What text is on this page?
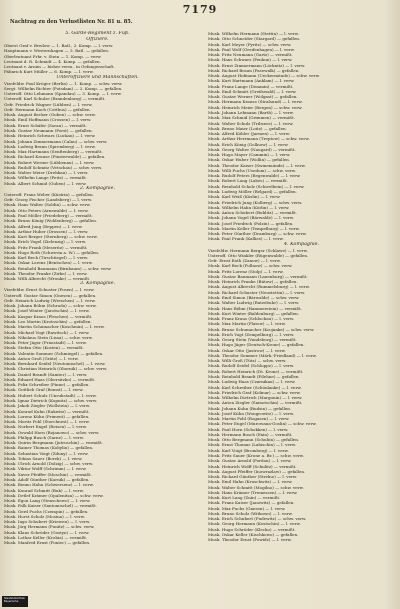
7179
Nachtrag zu den Verlustlisten Nr. 81 u. 85.
5. Garde-Regiment z. Fuß.
Offiziere.
Oberst Graf v. Bredow — 1. Batl., 2. Komp. — l. verw.
Hauptmann v. Westernhagen — 3. Batl. — gefallen.
Oberleutnant Frhr. v. Stein — 1. Komp. — verw.
Leutnant d. R. Schmidt — 4. Komp. — gefallen.
Leutnant v. Arnim — bisher verm., in Gefangenschaft.
Fähnrich Kurt Müller — 6. Komp. — l. verw.
Unteroffiziere und Mannschaften.
Vizefeldw. Paul Krüger (Berlin) — 1. Komp. — schw. verw.
Sergt. Wilhelm Richter (Potsdam) — 2. Komp. — gefallen.
Unteroff. Otto Lehmann (Spandau) — 3. Komp. — l. verw.
Unteroff. Karl Schulze (Brandenburg) — vermißt.
Gefr. Friedrich Wagner (Lübben) — l. verw.
Gefr. Hermann Koch (Cottbus) — gefallen.
Musk. August Becker (Guben) — schw. verw.
Musk. Emil Hoffmann (Crossen) — l. verw.
Musk. Ernst Schäfer (Sorau) — vermißt.
Musk. Gustav Neumann (Forst) — gefallen.
Musk. Heinrich Schwarz (Luckau) — l. verw.
Musk. Johann Zimmermann (Calau) — schw. verw.
Musk. Ludwig Braun (Spremberg) — l. verw.
Musk. Max Hartmann (Senftenberg) — vermißt.
Musk. Richard Krause (Finsterwalde) — gefallen.
Musk. Robert Werner (Lübbenau) — l. verw.
Musk. Rudolf Schmitz (Vetschau) — schw. verw.
Musk. Walter Meier (Drebkau) — l. verw.
Musk. Wilhelm Lange (Peitz) — vermißt.
Musk. Albert Schmid (Guben) — l. verw.
2. Kompagnie.
Unteroff. Franz Weber (Küstrin) — gefallen.
Gefr. Georg Fischer (Landsberg) — l. verw.
Musk. Hans Walter (Soldin) — schw. verw.
Musk. Otto Peters (Arnswalde) — l. verw.
Musk. Paul Möller (Friedeberg) — vermißt.
Musk. Bruno König (Woldenberg) — gefallen.
Musk. Alfred Jung (Reppen) — l. verw.
Musk. Arthur Huber (Drossen) — l. verw.
Musk. Kurt Berger (Sternberg) — schw. verw.
Musk. Erich Vogel (Zielenzig) — l. verw.
Musk. Fritz Frank (Meseritz) — vermißt.
Musk. Hugo Roth (Schwerin a. W.) — gefallen.
Musk. Karl Beck (Tirschtiegel) — l. verw.
Musk. Oskar Lorenz (Bentschen) — l. verw.
Musk. Reinhold Baumann (Birnbaum) — schw. verw.
Musk. Theodor Franke (Zirke) — l. verw.
Musk. Willi Albrecht (Wronke) — vermißt.
3. Kompagnie.
Vizefeldw. Ernst Schuster (Posen) — l. verw.
Unteroff. Gustav Simon (Gnesen) — gefallen.
Gefr. Heinrich Ludwig (Wreschen) — l. verw.
Musk. Johann Böhm (Schroda) — schw. verw.
Musk. Josef Winter (Jarotschin) — l. verw.
Musk. Kaspar Kraus (Pleschen) — vermißt.
Musk. Leo Martin (Krotoschin) — gefallen.
Musk. Martin Schumacher (Koschmin) — l. verw.
Musk. Michael Vogt (Rawitsch) — l. verw.
Musk. Nikolaus Stein (Lissa) — schw. verw.
Musk. Peter Jäger (Fraustadt) — l. verw.
Musk. Stefan Otto (Kosten) — vermißt.
Musk. Valentin Sommer (Schmiegel) — gefallen.
Musk. Anton Groß (Grätz) — l. verw.
Musk. Bernhard Seidel (Neutomischel) — l. verw.
Musk. Christian Heinrich (Obornik) — schw. verw.
Musk. Daniel Brandt (Samter) — l. verw.
Musk. Eduard Haas (Obersitzko) — vermißt.
Musk. Felix Schreiber (Pinne) — gefallen.
Musk. Gottlieb Graf (Bomst) — l. verw.
Musk. Hubert Schulz (Unruhstadt) — l. verw.
Musk. Ignaz Dietrich (Kopnitz) — schw. verw.
Musk. Jakob Ziegler (Wollstein) — l. verw.
Musk. Konrad Kuhn (Rakwitz) — vermißt.
Musk. Lorenz Kühn (Priment) — gefallen.
Musk. Moritz Pohl (Storchnest) — l. verw.
Musk. Norbert Engel (Reisen) — l. verw.
Musk. Oswald Horn (Bojanowo) — schw. verw.
Musk. Philipp Busch (Sarne) — l. verw.
Musk. Quirin Bergmann (Jutroschin) — vermißt.
Musk. Rainer Thomas (Kobylin) — gefallen.
Musk. Sebastian Voigt (Zduny) — l. verw.
Musk. Tobias Sauer (Borek) — l. verw.
Musk. Ulrich Arnold (Dolzig) — schw. verw.
Musk. Viktor Wolff (Schrimm) — l. verw.
Musk. Xaver Pfeiffer (Moschin) — vermißt.
Musk. Adolf Günther (Kurnik) — gefallen.
Musk. Benno Hahn (Schwersenz) — l. verw.
Musk. Konrad Schmitt (Buk) — l. verw.
Musk. Detlef Krämer (Opalenitza) — schw. verw.
Musk. Egon Lang (Stenschewo) — l. verw.
Musk. Falk Kaiser (Santomischel) — vermißt.
Musk. Gerd Fuchs (Czempin) — gefallen.
Musk. Horst Scholz (Mosina) — l. verw.
Musk. Ingo Schubert (Kriewen) — l. verw.
Musk. Jörg Hermann (Punitz) — schw. verw.
Musk. Klaus Schröder (Gostyn) — l. verw.
Musk. Lothar Keller (Krobia) — vermißt.
Musk. Manfred Ernst (Poniec) — gefallen.
Musk. Wilhelm Hermann (Stettin) — l. verw.
Musk. Otto Schneider (Stargard) — gefallen.
Musk. Karl Meyer (Pyritz) — schw. verw.
Musk. Paul Wolf (Greifenhagen) — l. verw.
Musk. Fritz Neumann (Gartz) — vermißt.
Musk. Hans Schwarz (Penkun) — l. verw.
Musk. Ernst Zimmermann (Löcknitz) — l. verw.
Musk. Richard Braun (Pasewalk) — gefallen.
Musk. August Hofmann (Ueckermünde) — schw. verw.
Musk. Kurt Hartmann (Anklam) — l. verw.
Musk. Franz Lange (Demmin) — vermißt.
Musk. Emil Schmitt (Greifswald) — l. verw.
Musk. Gustav Werner (Wolgast) — gefallen.
Musk. Hermann Krause (Stralsund) — l. verw.
Musk. Heinrich Meier (Bergen) — schw. verw.
Musk. Johann Lehmann (Barth) — l. verw.
Musk. Max Schmid (Grimmen) — vermißt.
Musk. Walter Schulz (Tribsees) — l. verw.
Musk. Bruno Maier (Loitz) — gefallen.
Musk. Alfred Köhler (Jarmen) — l. verw.
Musk. Arthur Herrmann (Treptow) — schw. verw.
Musk. Erich König (Gollnow) — l. verw.
Musk. Georg Walter (Naugard) — vermißt.
Musk. Hugo Mayer (Cammin) — l. verw.
Musk. Oskar Huber (Wollin) — gefallen.
Musk. Theodor Kaiser (Swinemünde) — l. verw.
Musk. Willi Fuchs (Usedom) — schw. verw.
Musk. Rudolf Peters (Regenwalde) — l. verw.
Musk. Robert Lang (Labes) — vermißt.
Musk. Reinhold Scholz (Schivelbein) — l. verw.
Musk. Ludwig Möller (Belgard) — gefallen.
Musk. Karl Weiß (Köslin) — l. verw.
Musk. Friedrich Jung (Kolberg) — schw. verw.
Musk. Wilhelm Hahn (Körlin) — l. verw.
Musk. Anton Schubert (Bublitz) — vermißt.
Musk. Johann Vogel (Bärwalde) — l. verw.
Musk. Josef Friedrich (Polzin) — gefallen.
Musk. Martin Keller (Tempelburg) — l. verw.
Musk. Peter Günther (Dramburg) — schw. verw.
Musk. Paul Frank (Kallies) — l. verw.
4. Kompagnie.
Vizefeldw. Hermann Berger (Schlawe) — l. verw.
Unteroff. Otto Winkler (Rügenwalde) — gefallen.
Gefr. Ernst Roth (Zanow) — l. verw.
Musk. Karl Beck (Pollnow) — schw. verw.
Musk. Fritz Lorenz (Stolp) — l. verw.
Musk. Gustav Baumann (Lauenburg) — vermißt.
Musk. Heinrich Franke (Bütow) — gefallen.
Musk. August Albrecht (Rummelsburg) — l. verw.
Musk. Richard Schuster (Neustettin) — l. verw.
Musk. Emil Simon (Bärwalde) — schw. verw.
Musk. Walter Ludwig (Ratzebuhr) — l. verw.
Musk. Hans Böhm (Hammerstein) — vermißt.
Musk. Kurt Winter (Baldenburg) — gefallen.
Musk. Franz Kraus (Schlochau) — l. verw.
Musk. Max Martin (Flatow) — l. verw.
Musk. Bruno Schumacher (Krojanke) — schw. verw.
Musk. Erich Vogt (Zempelburg) — l. verw.
Musk. Georg Stein (Vandsburg) — vermißt.
Musk. Hugo Jäger (Deutsch-Krone) — gefallen.
Musk. Oskar Otto (Jastrow) — l. verw.
Musk. Theodor Sommer (Märk.-Friedland) — l. verw.
Musk. Willi Groß (Tütz) — schw. verw.
Musk. Rudolf Seidel (Schloppe) — l. verw.
Musk. Robert Heinrich (Dt. Krone) — vermißt.
Musk. Reinhold Brandt (Filehne) — gefallen.
Musk. Ludwig Haas (Czarnikau) — l. verw.
Musk. Karl Schreiber (Schönlanke) — l. verw.
Musk. Friedrich Graf (Kolmar) — schw. verw.
Musk. Wilhelm Dietrich (Margonin) — l. verw.
Musk. Anton Ziegler (Samotschin) — vermißt.
Musk. Johann Kuhn (Budsin) — gefallen.
Musk. Josef Kühn (Wongrowitz) — l. verw.
Musk. Martin Pohl (Rogasen) — l. verw.
Musk. Peter Engel (Murowana-Goslin) — schw. verw.
Musk. Paul Horn (Schokken) — l. verw.
Musk. Hermann Busch (Exin) — vermißt.
Musk. Otto Bergmann (Schubin) — gefallen.
Musk. Ernst Thomas (Labischin) — l. verw.
Musk. Karl Voigt (Bromberg) — l. verw.
Musk. Fritz Sauer (Krone a. Br.) — schw. verw.
Musk. Gustav Arnold (Fordon) — l. verw.
Musk. Heinrich Wolff (Schulitz) — vermißt.
Musk. August Pfeiffer (Inowrazlaw) — gefallen.
Musk. Richard Günther (Strelno) — l. verw.
Musk. Emil Hahn (Kruschwitz) — l. verw.
Musk. Walter Schmitt (Mogilno) — schw. verw.
Musk. Hans Krämer (Tremessen) — l. verw.
Musk. Kurt Lang (Znin) — vermißt.
Musk. Franz Kaiser (Janowitz) — gefallen.
Musk. Max Fuchs (Gnesen) — l. verw.
Musk. Bruno Scholz (Witkowo) — l. verw.
Musk. Erich Schubert (Pudewitz) — schw. verw.
Musk. Georg Hermann (Kostschin) — l. verw.
Musk. Hugo Schröder (Klecko) — vermißt.
Musk. Oskar Keller (Kischkowo) — gefallen.
Musk. Theodor Ernst (Powidz) — l. verw.
Staatsbibliothek
Bayerische
